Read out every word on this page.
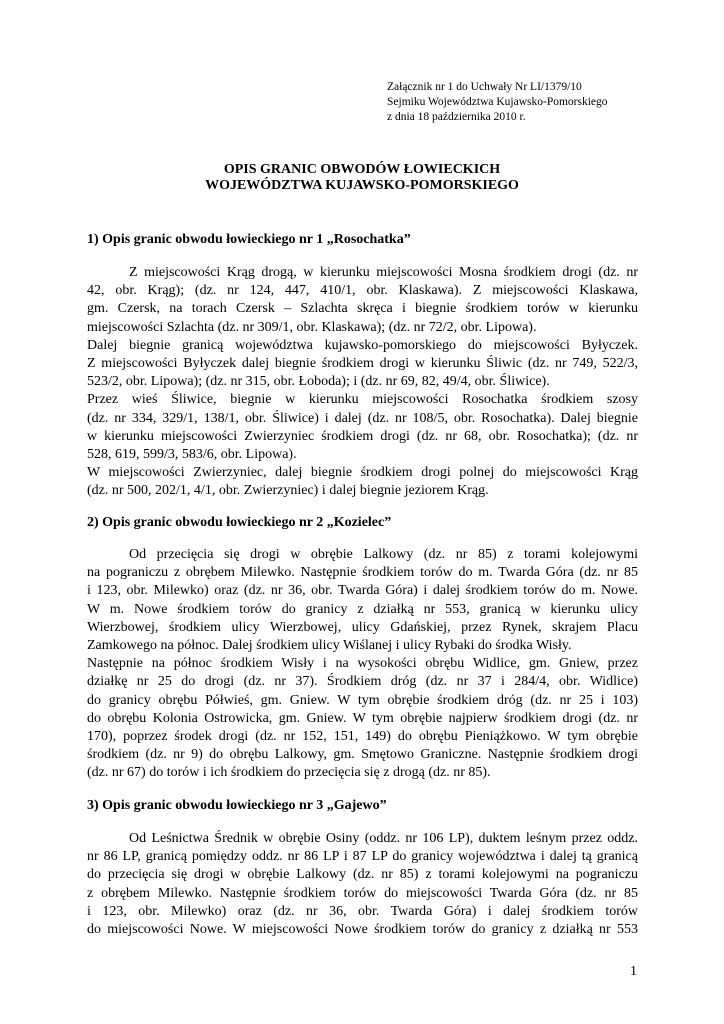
Załącznik nr 1 do Uchwały Nr LI/1379/10
Sejmiku Województwa Kujawsko-Pomorskiego
z dnia 18 października 2010 r.
OPIS GRANIC OBWODÓW ŁOWIECKICH
WOJEWÓDZTWA KUJAWSKO-POMORSKIEGO
1) Opis granic obwodu łowieckiego nr 1 „Rosochatka”
Z miejscowości Krąg drogą, w kierunku miejscowości Mosna środkiem drogi (dz. nr
42, obr. Krąg); (dz. nr 124, 447, 410/1, obr. Klaskawa). Z miejscowości Klaskawa,
gm. Czersk, na torach Czersk – Szlachta skręca i biegnie środkiem torów w kierunku
miejscowości Szlachta (dz. nr 309/1, obr. Klaskawa); (dz. nr 72/2, obr. Lipowa).
Dalej biegnie granicą województwa kujawsko-pomorskiego do miejscowości Byłyczek.
Z miejscowości Byłyczek dalej biegnie środkiem drogi w kierunku Śliwic (dz. nr 749, 522/3,
523/2, obr. Lipowa); (dz. nr 315, obr. Łoboda); i (dz. nr 69, 82, 49/4, obr. Śliwice).
Przez wieś Śliwice, biegnie w kierunku miejscowości Rosochatka środkiem szosy
(dz. nr 334, 329/1, 138/1, obr. Śliwice) i dalej (dz. nr 108/5, obr. Rosochatka). Dalej biegnie
w kierunku miejscowości Zwierzyniec środkiem drogi (dz. nr 68, obr. Rosochatka); (dz. nr
528, 619, 599/3, 583/6, obr. Lipowa).
W miejscowości Zwierzyniec, dalej biegnie środkiem drogi polnej do miejscowości Krąg
(dz. nr 500, 202/1, 4/1, obr. Zwierzyniec) i dalej biegnie jeziorem Krąg.
2) Opis granic obwodu łowieckiego nr 2 „Kozielec”
Od przecięcia się drogi w obrębie Lalkowy (dz. nr 85) z torami kolejowymi
na pograniczu z obrębem Milewko. Następnie środkiem torów do m. Twarda Góra (dz. nr 85
i 123, obr. Milewko) oraz (dz. nr 36, obr. Twarda Góra) i dalej środkiem torów do m. Nowe.
W m. Nowe środkiem torów do granicy z działką nr 553, granicą w kierunku ulicy
Wierzbowej, środkiem ulicy Wierzbowej, ulicy Gdańskiej, przez Rynek, skrajem Placu
Zamkowego na północ. Dalej środkiem ulicy Wiślanej i ulicy Rybaki do środka Wisły.
Następnie na północ środkiem Wisły i na wysokości obrębu Widlice, gm. Gniew, przez
działkę nr 25 do drogi (dz. nr 37). Środkiem dróg (dz. nr 37 i 284/4, obr. Widlice)
do granicy obrębu Półwieś, gm. Gniew. W tym obrębie środkiem dróg (dz. nr 25 i 103)
do obrębu Kolonia Ostrowicka, gm. Gniew. W tym obrębie najpierw środkiem drogi (dz. nr
170), poprzez środek drogi (dz. nr 152, 151, 149) do obrębu Pieniążkowo. W tym obrębie
środkiem (dz. nr 9) do obrębu Lalkowy, gm. Smętowo Graniczne. Następnie środkiem drogi
(dz. nr 67) do torów i ich środkiem do przecięcia się z drogą (dz. nr 85).
3) Opis granic obwodu łowieckiego nr 3 „Gajewo”
Od Leśnictwa Średnik w obrębie Osiny (oddz. nr 106 LP), duktem leśnym przez oddz.
nr 86 LP, granicą pomiędzy oddz. nr 86 LP i 87 LP do granicy województwa i dalej tą granicą
do przecięcia się drogi w obrębie Lalkowy (dz. nr 85) z torami kolejowymi na pograniczu
z obrębem Milewko. Następnie środkiem torów do miejscowości Twarda Góra (dz. nr 85
i 123, obr. Milewko) oraz (dz. nr 36, obr. Twarda Góra) i dalej środkiem torów
do miejscowości Nowe. W miejscowości Nowe środkiem torów do granicy z działką nr 553
1
